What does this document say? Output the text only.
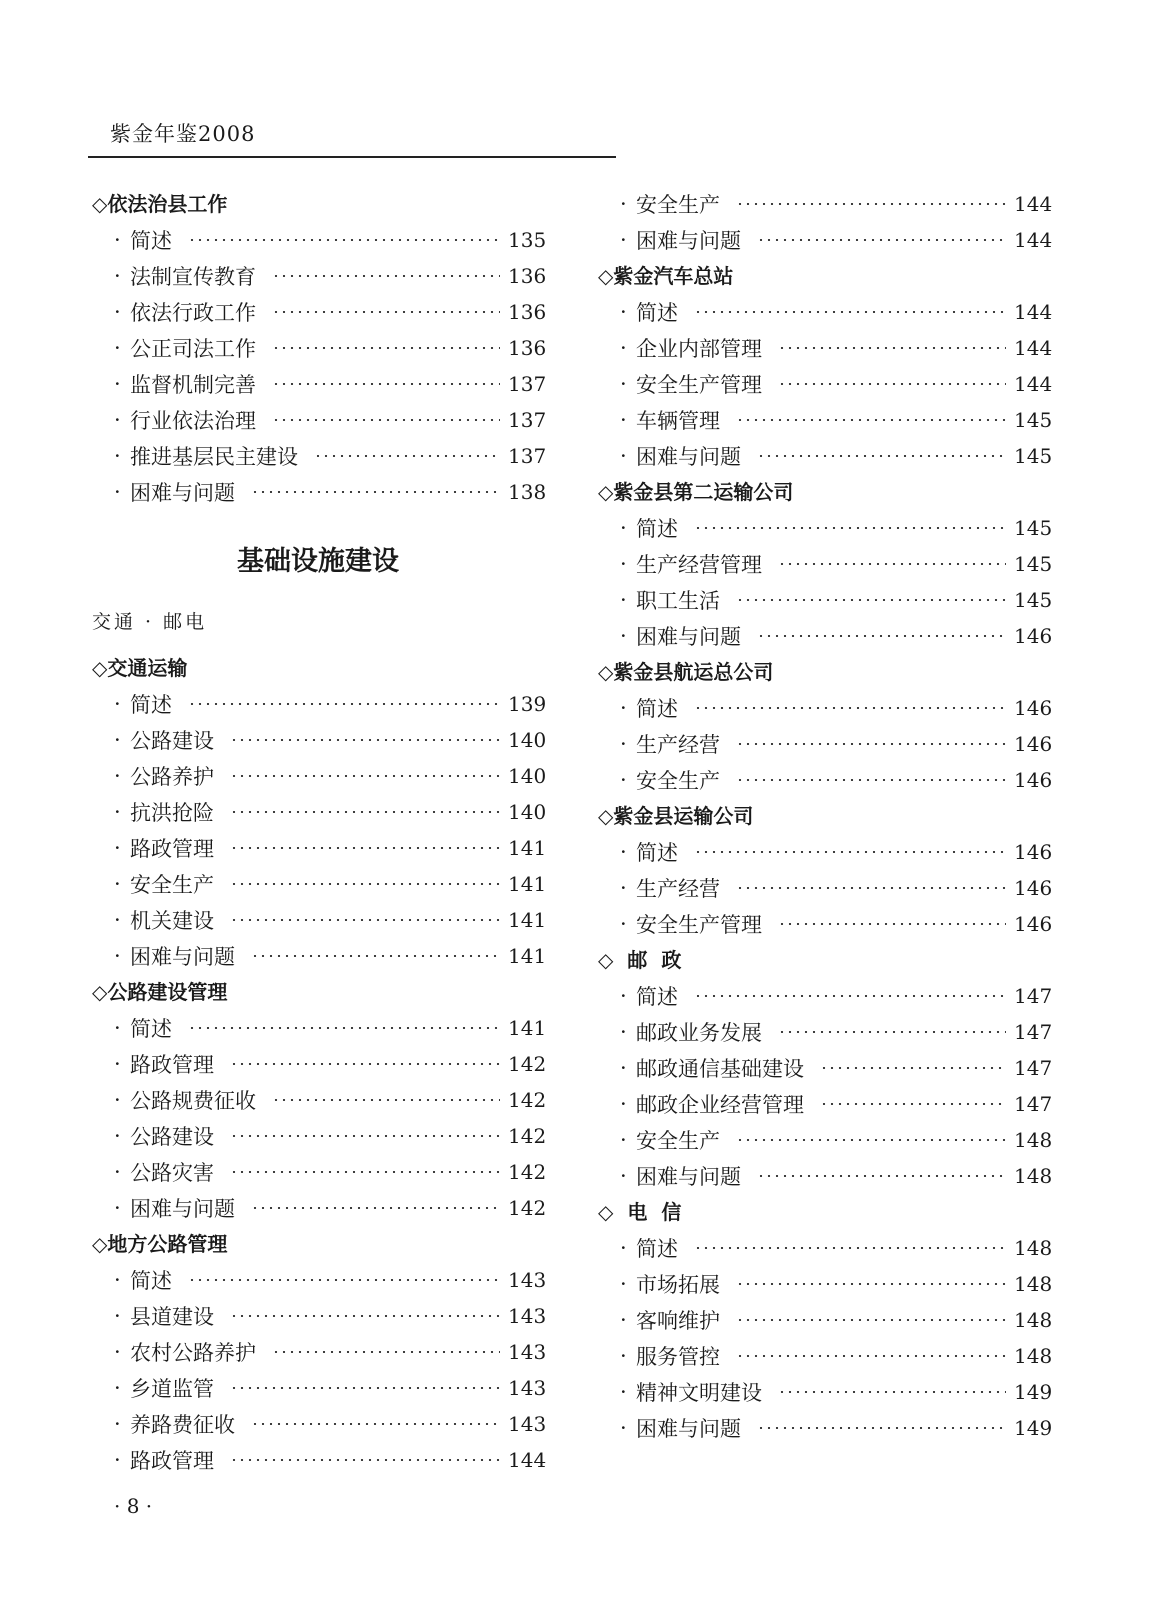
紫金年鉴2008
◇依法治县工作
· 简述	135
· 法制宣传教育	136
· 依法行政工作	136
· 公正司法工作	136
· 监督机制完善	137
· 行业依法治理	137
· 推进基层民主建设	137
· 困难与问题	138
基础设施建设
交通 · 邮电
◇交通运输
· 简述	139
· 公路建设	140
· 公路养护	140
· 抗洪抢险	140
· 路政管理	141
· 安全生产	141
· 机关建设	141
· 困难与问题	141
◇公路建设管理
· 简述	141
· 路政管理	142
· 公路规费征收	142
· 公路建设	142
· 公路灾害	142
· 困难与问题	142
◇地方公路管理
· 简述	143
· 县道建设	143
· 农村公路养护	143
· 乡道监管	143
· 养路费征收	143
· 路政管理	144
· 安全生产	144
· 困难与问题	144
◇紫金汽车总站
· 简述	144
· 企业内部管理	144
· 安全生产管理	144
· 车辆管理	145
· 困难与问题	145
◇紫金县第二运输公司
· 简述	145
· 生产经营管理	145
· 职工生活	145
· 困难与问题	146
◇紫金县航运总公司
· 简述	146
· 生产经营	146
· 安全生产	146
◇紫金县运输公司
· 简述	146
· 生产经营	146
· 安全生产管理	146
◇邮政
· 简述	147
· 邮政业务发展	147
· 邮政通信基础建设	147
· 邮政企业经营管理	147
· 安全生产	148
· 困难与问题	148
◇电信
· 简述	148
· 市场拓展	148
· 客响维护	148
· 服务管控	148
· 精神文明建设	149
· 困难与问题	149
· 8 ·
